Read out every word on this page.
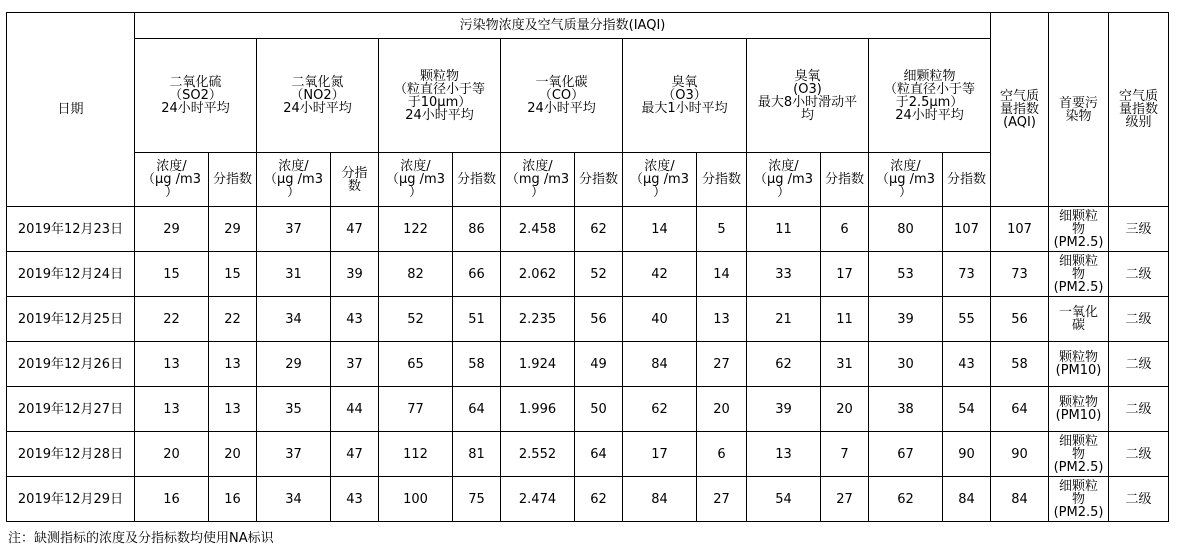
日期	污染物浓度及空气质量分指数(IAQI)														空气质
量指数
(AQI)	首要污
染物	空气质
量指数
级别
	二氧化硫
（SO2）
24小时平均		二氧化氮
（NO2）
24小时平均		颗粒物
（粒直径小于等
于10μm）
24小时平均		一氧化碳
（CO）
24小时平均		臭氧
（O3）
最大1小时平均		臭氧
(O3)
最大8小时滑动平
均		细颗粒物
（粒直径小于等
于2.5μm）
24小时平均				
	浓度/
（μg /m3
）	分指数	浓度/
（μg /m3
）	分指
数	浓度/
（μg /m3
）	分指数	浓度/
（mg /m3
）	分指数	浓度/
（μg /m3
）	分指数	浓度/
（μg /m3
）	分指数	浓度/
（μg /m3
）	分指数			
2019年12月23日	29	29	37	47	122	86	2.458	62	14	5	11	6	80	107	107	细颗粒
物
(PM2.5)	三级
2019年12月24日	15	15	31	39	82	66	2.062	52	42	14	33	17	53	73	73	细颗粒
物
(PM2.5)	二级
2019年12月25日	22	22	34	43	52	51	2.235	56	40	13	21	11	39	55	56	一氧化
碳	二级
2019年12月26日	13	13	29	37	65	58	1.924	49	84	27	62	31	30	43	58	颗粒物
(PM10)	二级
2019年12月27日	13	13	35	44	77	64	1.996	50	62	20	39	20	38	54	64	颗粒物
(PM10)	二级
2019年12月28日	20	20	37	47	112	81	2.552	64	17	6	13	7	67	90	90	细颗粒
物
(PM2.5)	二级
2019年12月29日	16	16	34	43	100	75	2.474	62	84	27	54	27	62	84	84	细颗粒
物
(PM2.5)	二级
注：缺测指标的浓度及分指标数均使用NA标识
